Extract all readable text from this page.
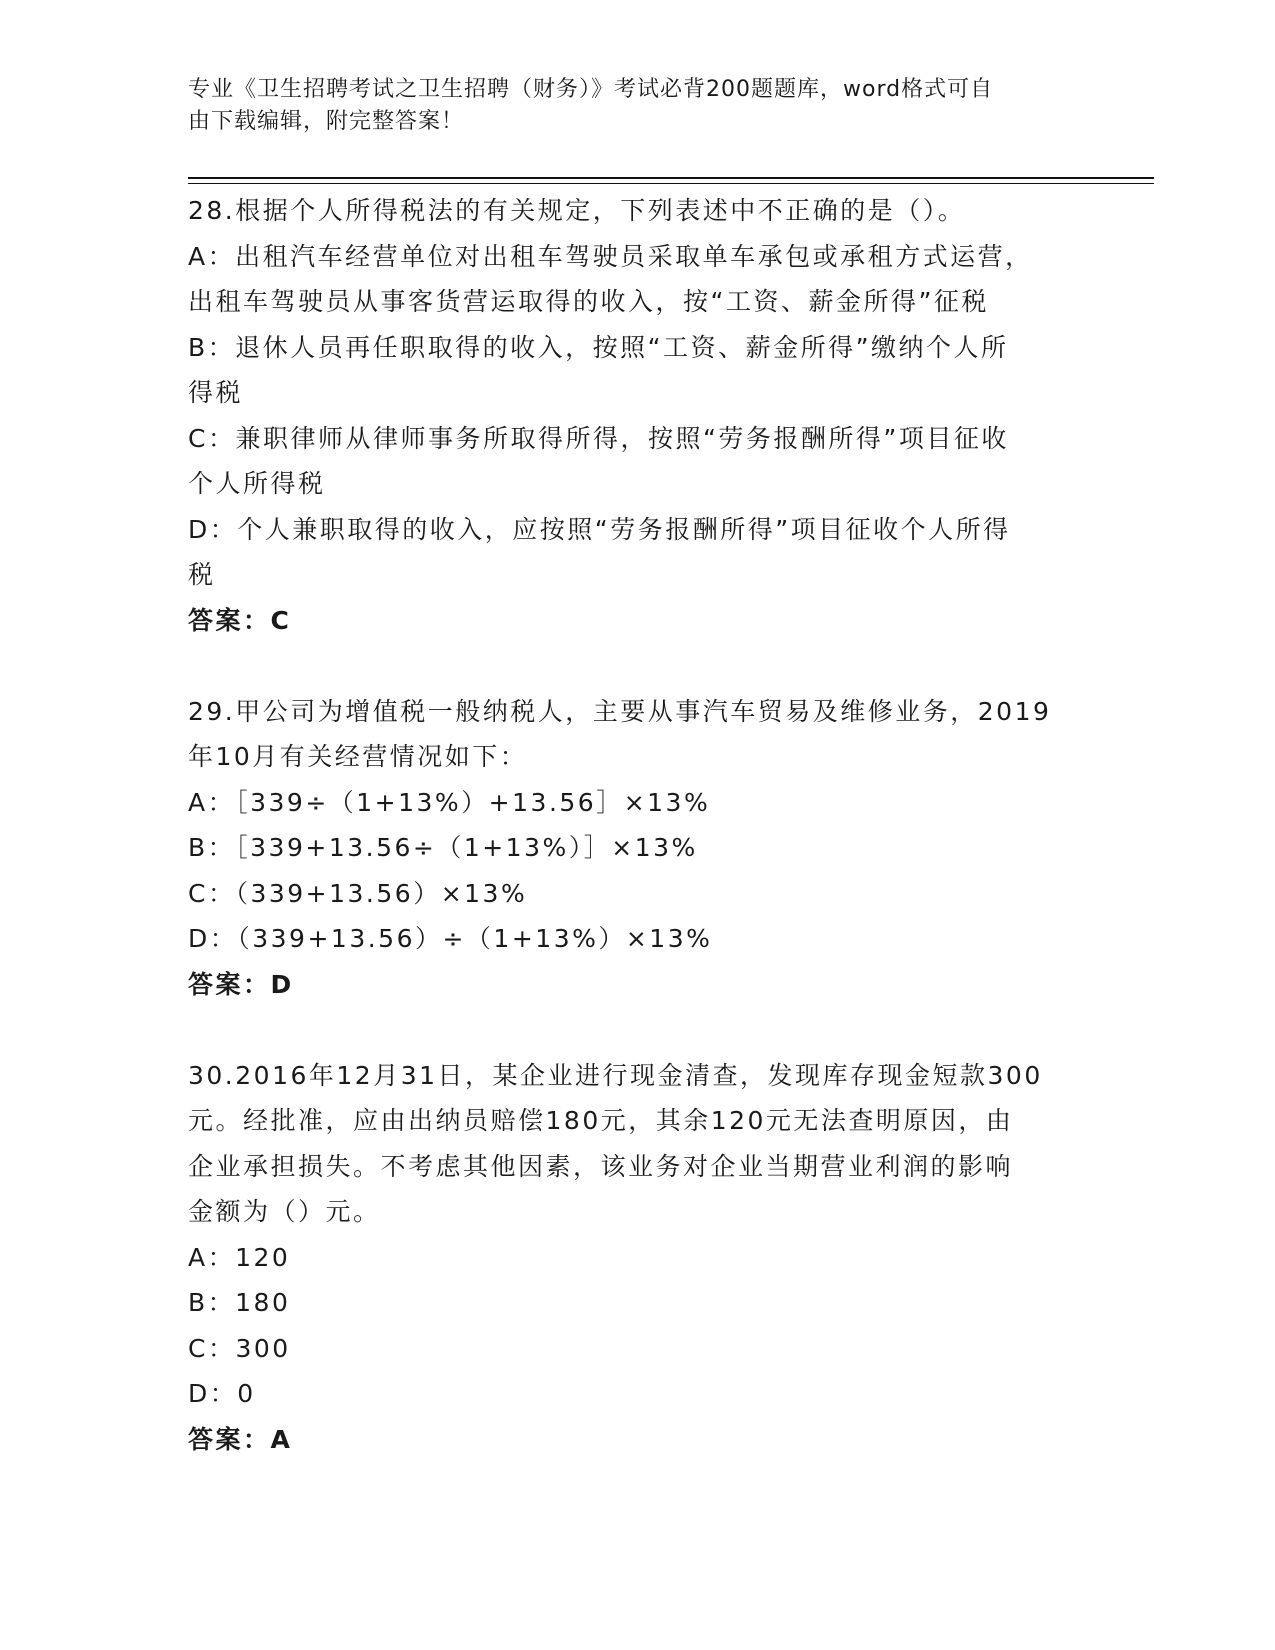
专业《卫生招聘考试之卫生招聘（财务）》考试必背200题题库，word格式可自
由下载编辑，附完整答案！
28.根据个人所得税法的有关规定，下列表述中不正确的是（）。
A：出租汽车经营单位对出租车驾驶员采取单车承包或承租方式运营，
出租车驾驶员从事客货营运取得的收入，按“工资、薪金所得”征税
B：退休人员再任职取得的收入，按照“工资、薪金所得”缴纳个人所
得税
C：兼职律师从律师事务所取得所得，按照“劳务报酬所得”项目征收
个人所得税
D：个人兼职取得的收入，应按照“劳务报酬所得”项目征收个人所得
税
答案：C
29.甲公司为增值税一般纳税人，主要从事汽车贸易及维修业务，2019
年10月有关经营情况如下：
A：［339÷（1+13%）+13.56］×13%
B：［339+13.56÷（1+13%）］×13%
C：（339+13.56）×13%
D：（339+13.56）÷（1+13%）×13%
答案：D
30.2016年12月31日，某企业进行现金清查，发现库存现金短款300
元。经批准，应由出纳员赔偿180元，其余120元无法查明原因，由
企业承担损失。不考虑其他因素，该业务对企业当期营业利润的影响
金额为（）元。
A：120
B：180
C：300
D：0
答案：A
